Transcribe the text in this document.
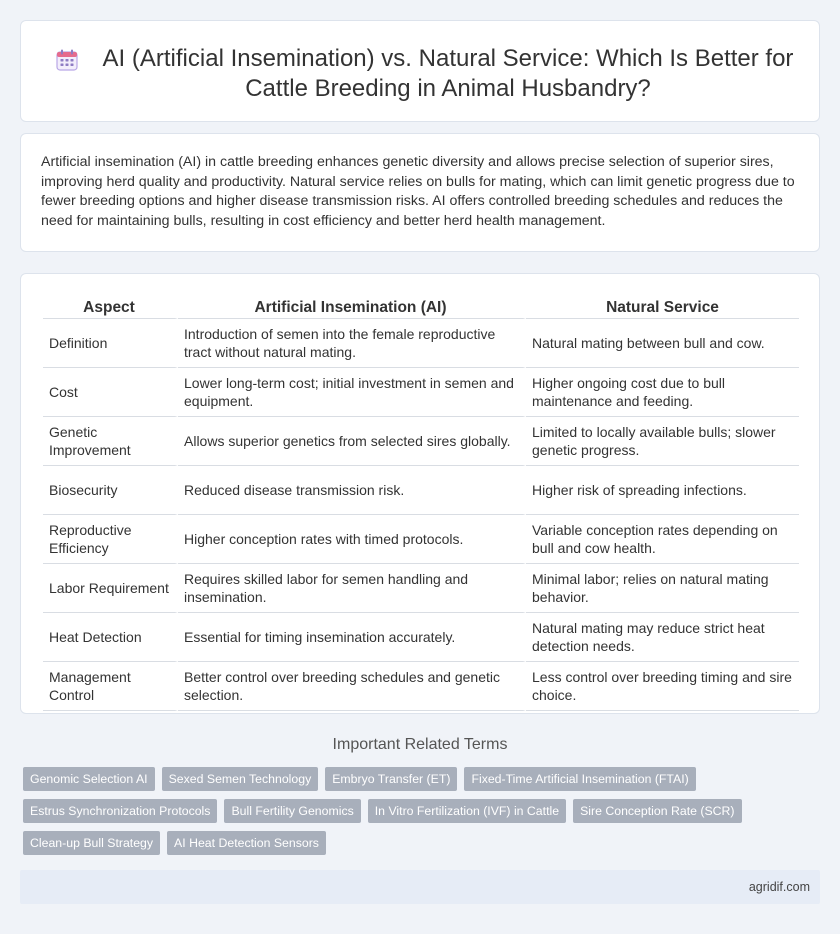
AI (Artificial Insemination) vs. Natural Service: Which Is Better for Cattle Breeding in Animal Husbandry?

Artificial insemination (AI) in cattle breeding enhances genetic diversity and allows precise selection of superior sires, improving herd quality and productivity. Natural service relies on bulls for mating, which can limit genetic progress due to fewer breeding options and higher disease transmission risks. AI offers controlled breeding schedules and reduces the need for maintaining bulls, resulting in cost efficiency and better herd health management.

Aspect	Artificial Insemination (AI)	Natural Service
Definition	Introduction of semen into the female reproductive tract without natural mating.	Natural mating between bull and cow.
Cost	Lower long-term cost; initial investment in semen and equipment.	Higher ongoing cost due to bull maintenance and feeding.
Genetic Improvement	Allows superior genetics from selected sires globally.	Limited to locally available bulls; slower genetic progress.
Biosecurity	Reduced disease transmission risk.	Higher risk of spreading infections.
Reproductive Efficiency	Higher conception rates with timed protocols.	Variable conception rates depending on bull and cow health.
Labor Requirement	Requires skilled labor for semen handling and insemination.	Minimal labor; relies on natural mating behavior.
Heat Detection	Essential for timing insemination accurately.	Natural mating may reduce strict heat detection needs.
Management Control	Better control over breeding schedules and genetic selection.	Less control over breeding timing and sire choice.
Important Related Terms
Genomic Selection AI	Sexed Semen Technology	Embryo Transfer (ET)	Fixed-Time Artificial Insemination (FTAI)
Estrus Synchronization Protocols	Bull Fertility Genomics	In Vitro Fertilization (IVF) in Cattle	Sire Conception Rate (SCR)
Clean-up Bull Strategy	AI Heat Detection Sensors
agridif.com
